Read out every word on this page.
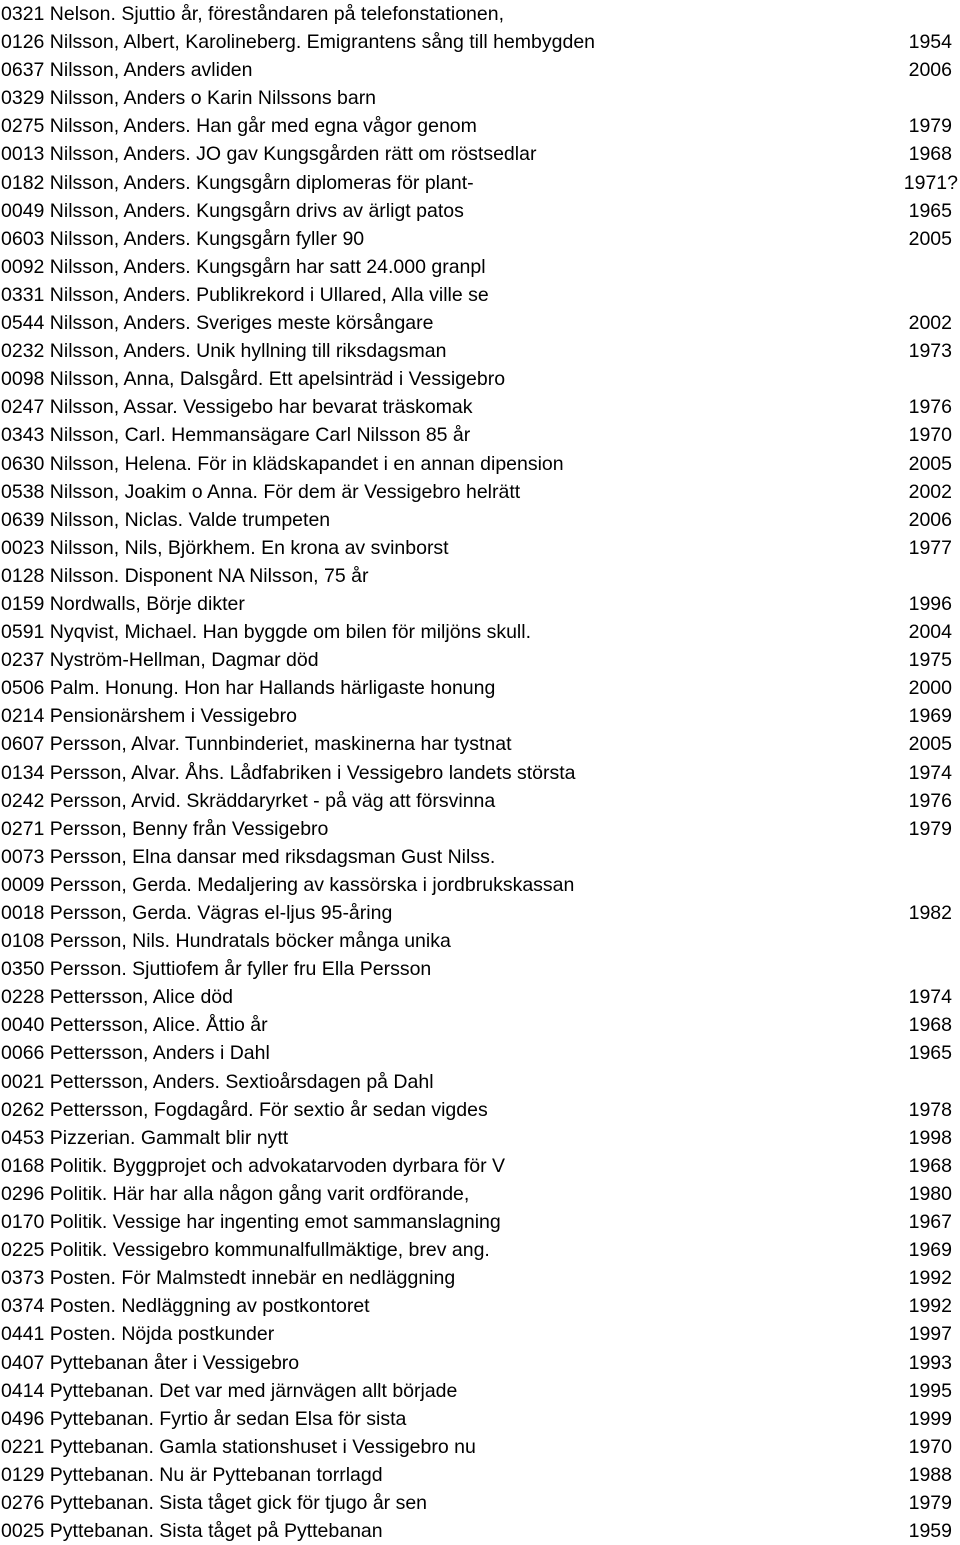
0321 Nelson. Sjuttio år, föreståndaren på telefonstationen,
0126 Nilsson, Albert, Karolineberg. Emigrantens sång till hembygden	1954
0637 Nilsson, Anders avliden	2006
0329 Nilsson, Anders o Karin Nilssons barn
0275 Nilsson, Anders. Han går med egna vågor genom	1979
0013 Nilsson, Anders. JO gav Kungsgården rätt om röstsedlar	1968
0182 Nilsson, Anders. Kungsgårn diplomeras för plant-	1971?
0049 Nilsson, Anders. Kungsgårn drivs av ärligt patos	1965
0603 Nilsson, Anders. Kungsgårn fyller 90	2005
0092 Nilsson, Anders. Kungsgårn har satt 24.000 granpl
0331 Nilsson, Anders. Publikrekord i Ullared, Alla ville se
0544 Nilsson, Anders. Sveriges meste körsångare	2002
0232 Nilsson, Anders. Unik hyllning till riksdagsman	1973
0098 Nilsson, Anna, Dalsgård. Ett apelsinträd i Vessigebro
0247 Nilsson, Assar. Vessigebo har bevarat träskomak	1976
0343 Nilsson, Carl. Hemmansägare Carl Nilsson 85 år	1970
0630 Nilsson, Helena. För in klädskapandet i en annan dipension	2005
0538 Nilsson, Joakim o Anna. För dem är Vessigebro helrätt	2002
0639 Nilsson, Niclas. Valde trumpeten	2006
0023 Nilsson, Nils, Björkhem. En krona av svinborst	1977
0128 Nilsson. Disponent NA Nilsson, 75 år
0159 Nordwalls, Börje dikter	1996
0591 Nyqvist, Michael. Han byggde om bilen för miljöns skull.	2004
0237 Nyström-Hellman, Dagmar död	1975
0506 Palm. Honung. Hon har Hallands härligaste honung	2000
0214 Pensionärshem i Vessigebro	1969
0607 Persson, Alvar. Tunnbinderiet, maskinerna har tystnat	2005
0134 Persson, Alvar. Åhs. Lådfabriken i Vessigebro landets största	1974
0242 Persson, Arvid. Skräddaryrket - på väg att försvinna	1976
0271 Persson, Benny från Vessigebro	1979
0073 Persson, Elna dansar med riksdagsman Gust Nilss.
0009 Persson, Gerda. Medaljering av kassörska i jordbrukskassan
0018 Persson, Gerda. Vägras el-ljus 95-åring	1982
0108 Persson, Nils. Hundratals böcker många unika
0350 Persson. Sjuttiofem år fyller fru Ella Persson
0228 Pettersson, Alice död	1974
0040 Pettersson, Alice. Åttio år	1968
0066 Pettersson, Anders i Dahl	1965
0021 Pettersson, Anders. Sextioårsdagen på Dahl
0262 Pettersson, Fogdagård. För sextio år sedan vigdes	1978
0453 Pizzerian. Gammalt blir nytt	1998
0168 Politik. Byggprojet och advokatarvoden dyrbara för V	1968
0296 Politik. Här har alla någon gång varit ordförande,	1980
0170 Politik. Vessige har ingenting emot sammanslagning	1967
0225 Politik. Vessigebro kommunalfullmäktige, brev ang.	1969
0373 Posten. För Malmstedt innebär en nedläggning	1992
0374 Posten. Nedläggning av postkontoret	1992
0441 Posten. Nöjda postkunder	1997
0407 Pyttebanan åter i Vessigebro	1993
0414 Pyttebanan. Det var med järnvägen allt började	1995
0496 Pyttebanan. Fyrtio år sedan Elsa för sista	1999
0221 Pyttebanan. Gamla stationshuset i Vessigebro nu	1970
0129 Pyttebanan. Nu är Pyttebanan torrlagd	1988
0276 Pyttebanan. Sista tåget gick för tjugo år sen	1979
0025 Pyttebanan. Sista tåget på Pyttebanan	1959
